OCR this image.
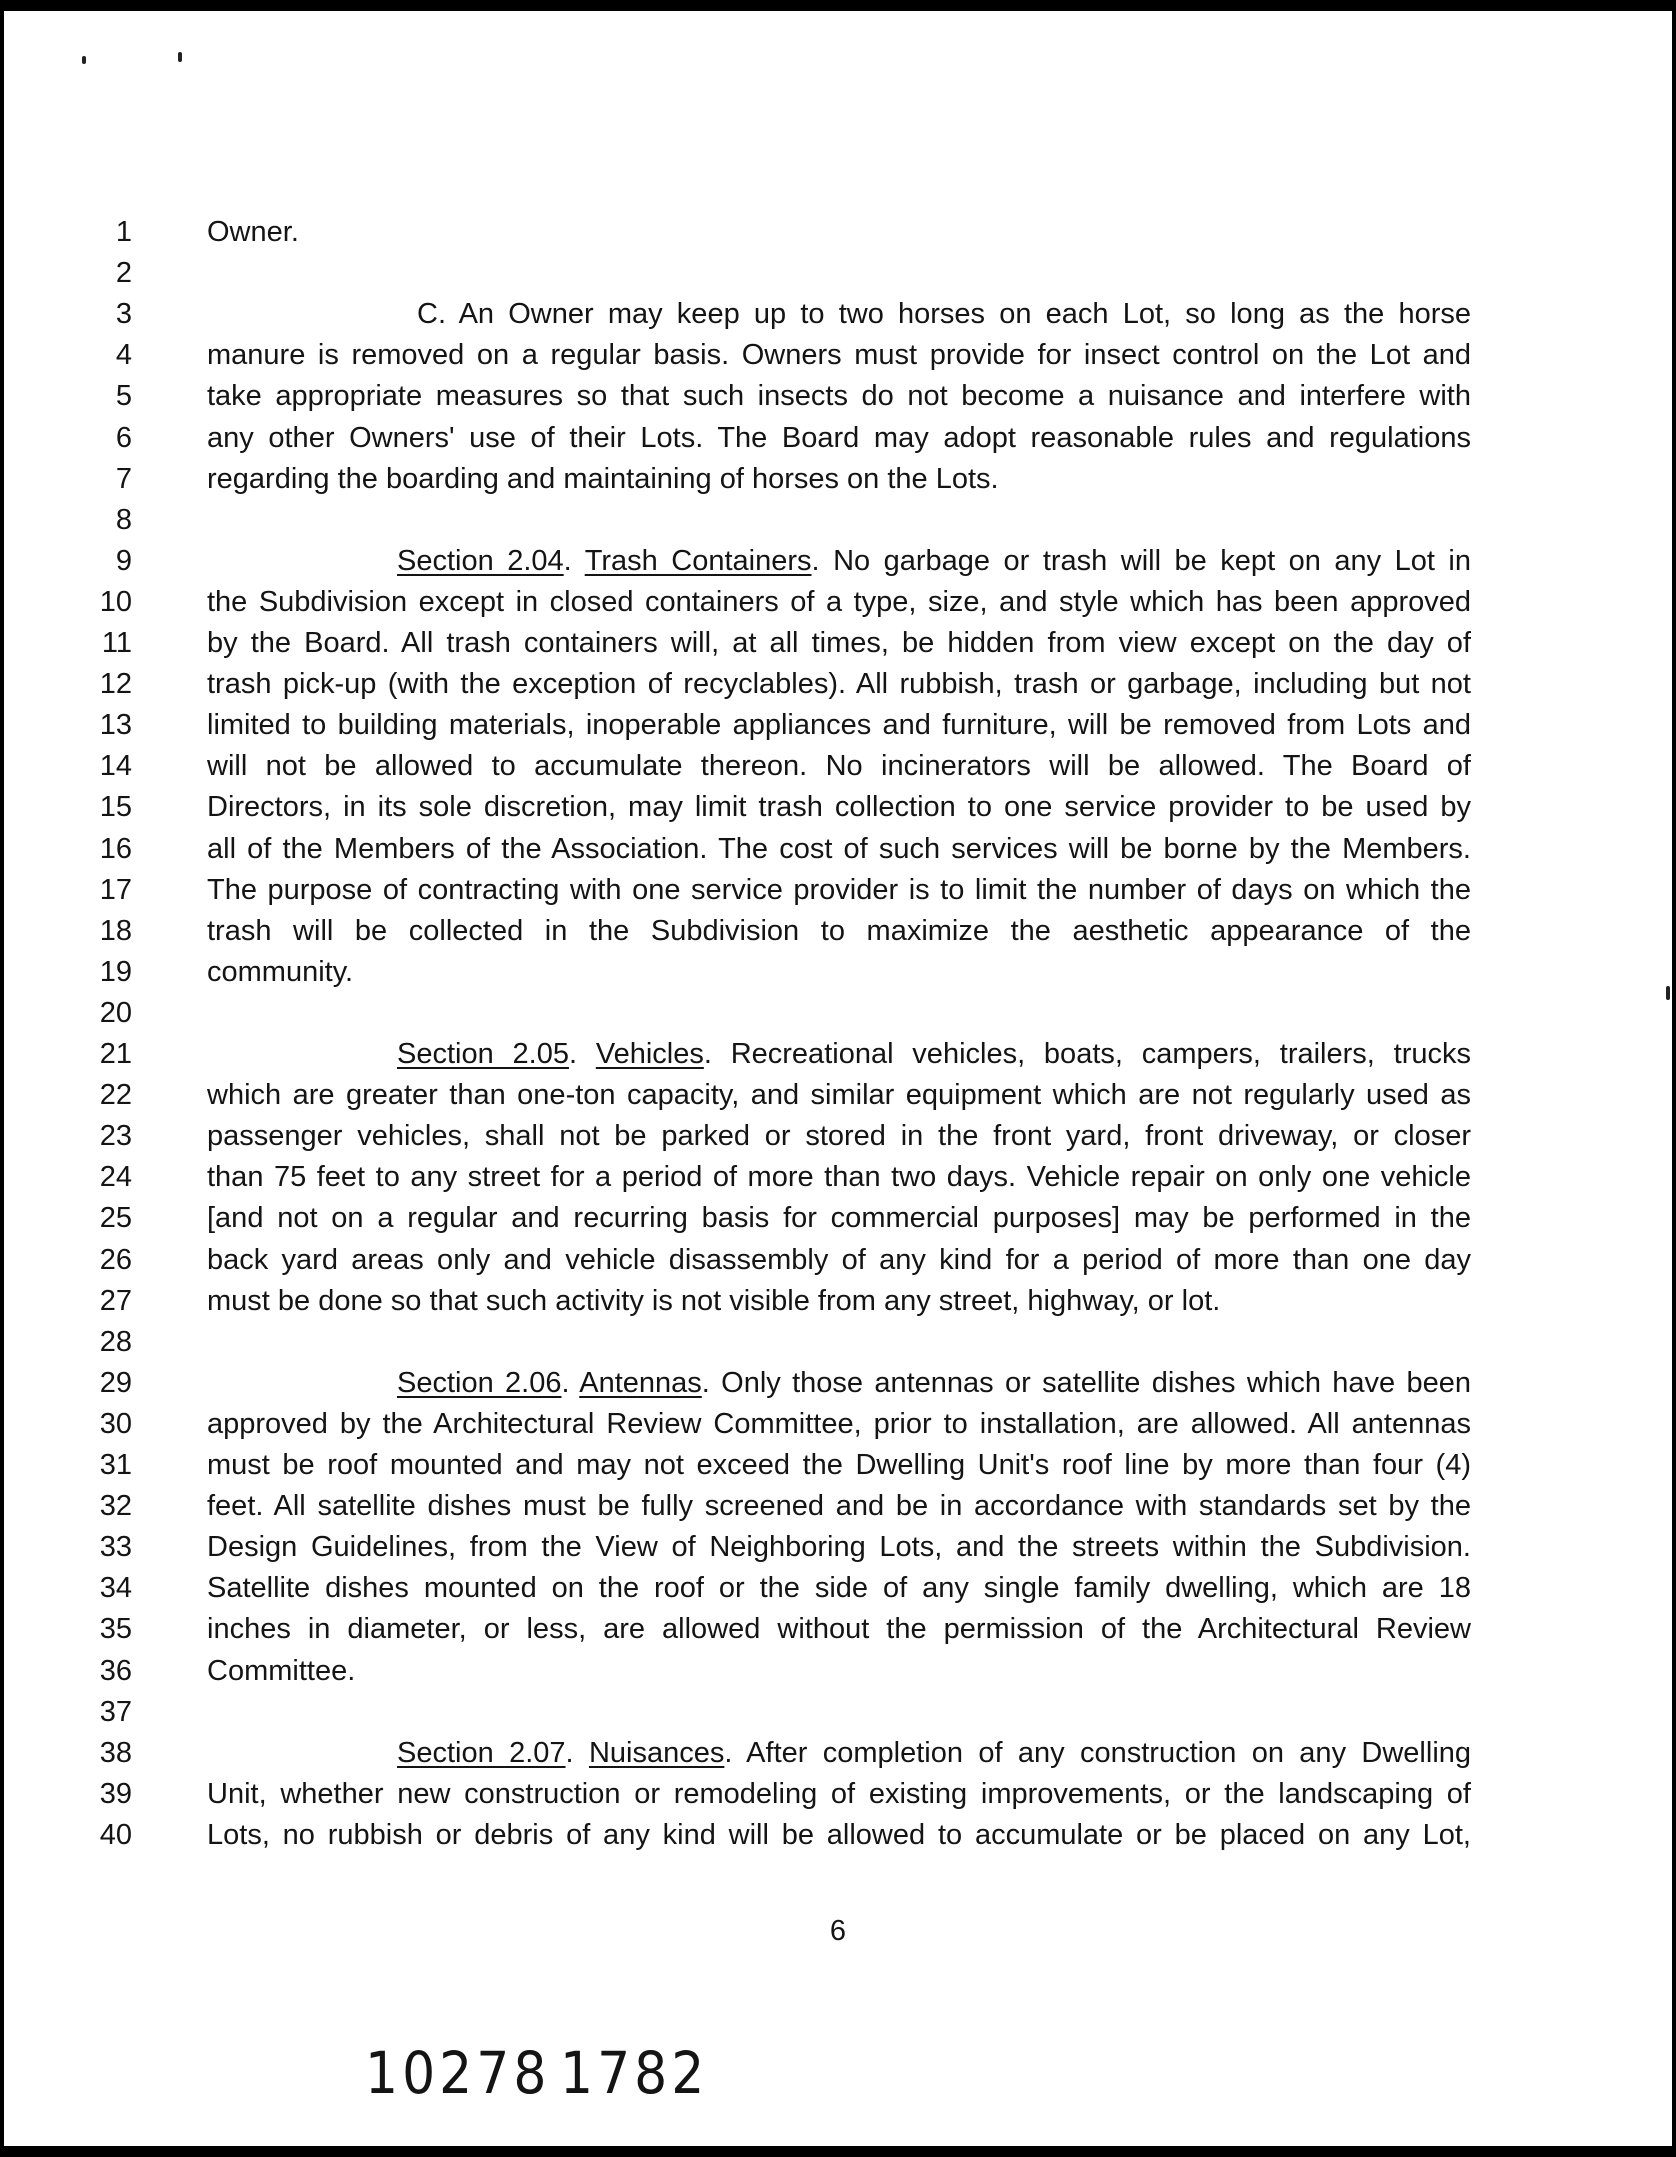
1	Owner.
2
3	C. An Owner may keep up to two horses on each Lot, so long as the horse
4	manure is removed on a regular basis. Owners must provide for insect control on the Lot and
5	take appropriate measures so that such insects do not become a nuisance and interfere with
6	any other Owners' use of their Lots. The Board may adopt reasonable rules and regulations
7	regarding the boarding and maintaining of horses on the Lots.
8
9	Section 2.04. Trash Containers. No garbage or trash will be kept on any Lot in
10	the Subdivision except in closed containers of a type, size, and style which has been approved
11	by the Board. All trash containers will, at all times, be hidden from view except on the day of
12	trash pick-up (with the exception of recyclables). All rubbish, trash or garbage, including but not
13	limited to building materials, inoperable appliances and furniture, will be removed from Lots and
14	will not be allowed to accumulate thereon. No incinerators will be allowed. The Board of
15	Directors, in its sole discretion, may limit trash collection to one service provider to be used by
16	all of the Members of the Association. The cost of such services will be borne by the Members.
17	The purpose of contracting with one service provider is to limit the number of days on which the
18	trash will be collected in the Subdivision to maximize the aesthetic appearance of the
19	community.
20
21	Section 2.05. Vehicles. Recreational vehicles, boats, campers, trailers, trucks
22	which are greater than one-ton capacity, and similar equipment which are not regularly used as
23	passenger vehicles, shall not be parked or stored in the front yard, front driveway, or closer
24	than 75 feet to any street for a period of more than two days. Vehicle repair on only one vehicle
25	[and not on a regular and recurring basis for commercial purposes] may be performed in the
26	back yard areas only and vehicle disassembly of any kind for a period of more than one day
27	must be done so that such activity is not visible from any street, highway, or lot.
28
29	Section 2.06. Antennas. Only those antennas or satellite dishes which have been
30	approved by the Architectural Review Committee, prior to installation, are allowed. All antennas
31	must be roof mounted and may not exceed the Dwelling Unit's roof line by more than four (4)
32	feet. All satellite dishes must be fully screened and be in accordance with standards set by the
33	Design Guidelines, from the View of Neighboring Lots, and the streets within the Subdivision.
34	Satellite dishes mounted on the roof or the side of any single family dwelling, which are 18
35	inches in diameter, or less, are allowed without the permission of the Architectural Review
36	Committee.
37
38	Section 2.07. Nuisances. After completion of any construction on any Dwelling
39	Unit, whether new construction or remodeling of existing improvements, or the landscaping of
40	Lots, no rubbish or debris of any kind will be allowed to accumulate or be placed on any Lot,
6
10278 1782
